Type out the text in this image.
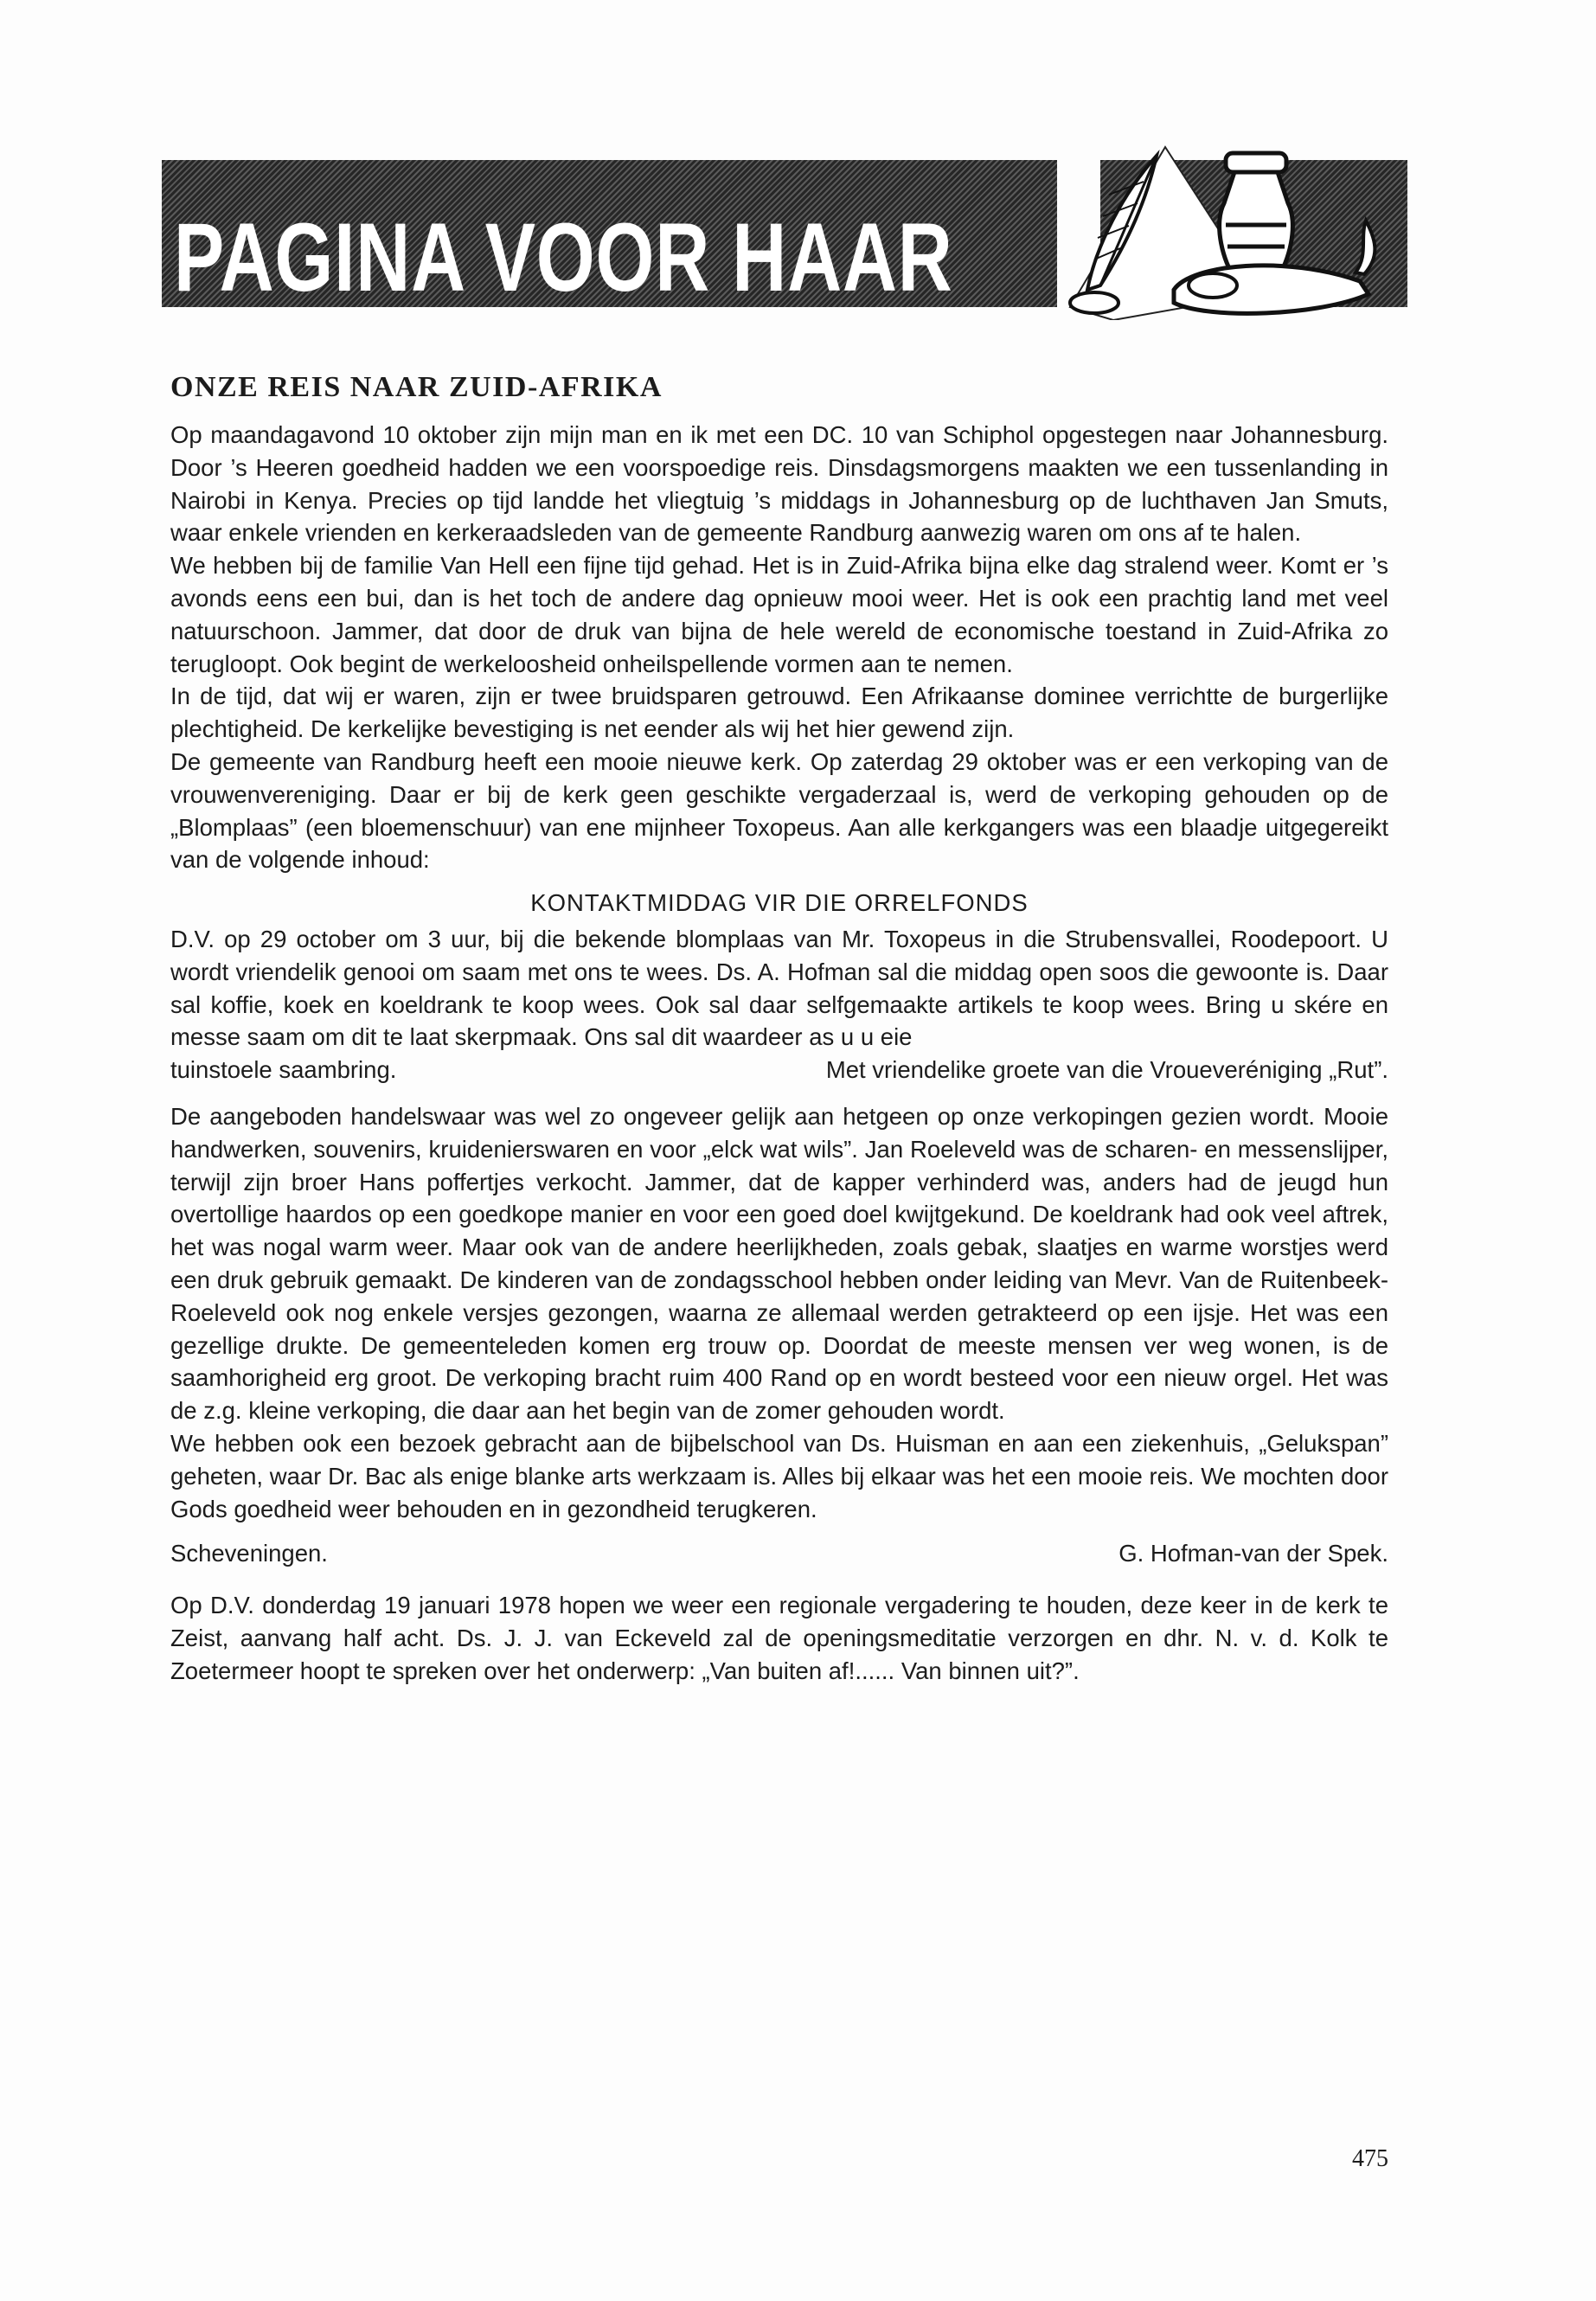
PAGINA VOOR HAAR
ONZE REIS NAAR ZUID-AFRIKA

Op maandagavond 10 oktober zijn mijn man en ik met een DC. 10 van Schiphol opgestegen naar Johannesburg. Door ’s Heeren goedheid hadden we een voorspoedige reis. Dinsdagsmorgens maakten we een tussenlanding in Nairobi in Kenya. Precies op tijd landde het vliegtuig ’s middags in Johannesburg op de luchthaven Jan Smuts, waar enkele vrienden en kerkeraadsleden van de gemeente Randburg aanwezig waren om ons af te halen.

We hebben bij de familie Van Hell een fijne tijd gehad. Het is in Zuid-Afrika bijna elke dag stralend weer. Komt er ’s avonds eens een bui, dan is het toch de andere dag opnieuw mooi weer. Het is ook een prachtig land met veel natuurschoon. Jammer, dat door de druk van bijna de hele wereld de economische toestand in Zuid-Afrika zo terugloopt. Ook begint de werkeloosheid onheilspellende vormen aan te nemen.

In de tijd, dat wij er waren, zijn er twee bruidsparen getrouwd. Een Afrikaanse dominee verrichtte de burgerlijke plechtigheid. De kerkelijke bevestiging is net eender als wij het hier gewend zijn.

De gemeente van Randburg heeft een mooie nieuwe kerk. Op zaterdag 29 oktober was er een verkoping van de vrouwenvereniging. Daar er bij de kerk geen geschikte vergaderzaal is, werd de verkoping gehouden op de „Blomplaas” (een bloemenschuur) van ene mijnheer Toxopeus. Aan alle kerkgangers was een blaadje uitgegereikt van de volgende inhoud:

KONTAKTMIDDAG VIR DIE ORRELFONDS

D.V. op 29 october om 3 uur, bij die bekende blomplaas van Mr. Toxopeus in die Strubensvallei, Roodepoort. U wordt vriendelik genooi om saam met ons te wees. Ds. A. Hofman sal die middag open soos die gewoonte is. Daar sal koffie, koek en koeldrank te koop wees. Ook sal daar selfgemaakte artikels te koop wees. Bring u skére en messe saam om dit te laat skerpmaak. Ons sal dit waardeer as u u eie

tuinstoele saambring.	Met vriendelike groete van die Vroueveréniging „Rut”.

De aangeboden handelswaar was wel zo ongeveer gelijk aan hetgeen op onze verkopingen gezien wordt. Mooie handwerken, souvenirs, kruidenierswaren en voor „elck wat wils”. Jan Roeleveld was de scharen- en messenslijper, terwijl zijn broer Hans poffertjes verkocht. Jammer, dat de kapper verhinderd was, anders had de jeugd hun overtollige haardos op een goedkope manier en voor een goed doel kwijtgekund. De koeldrank had ook veel aftrek, het was nogal warm weer. Maar ook van de andere heerlijkheden, zoals gebak, slaatjes en warme worstjes werd een druk gebruik gemaakt. De kinderen van de zondagsschool hebben onder leiding van Mevr. Van de Ruitenbeek-Roeleveld ook nog enkele versjes gezongen, waarna ze allemaal werden getrakteerd op een ijsje. Het was een gezellige drukte. De gemeenteleden komen erg trouw op. Doordat de meeste mensen ver weg wonen, is de saamhorigheid erg groot. De verkoping bracht ruim 400 Rand op en wordt besteed voor een nieuw orgel. Het was de z.g. kleine verkoping, die daar aan het begin van de zomer gehouden wordt.

We hebben ook een bezoek gebracht aan de bijbelschool van Ds. Huisman en aan een ziekenhuis, „Gelukspan” geheten, waar Dr. Bac als enige blanke arts werkzaam is. Alles bij elkaar was het een mooie reis. We mochten door Gods goedheid weer behouden en in gezondheid terugkeren.

Scheveningen.	G. Hofman-van der Spek.

Op D.V. donderdag 19 januari 1978 hopen we weer een regionale vergadering te houden, deze keer in de kerk te Zeist, aanvang half acht. Ds. J. J. van Eckeveld zal de openingsmeditatie verzorgen en dhr. N. v. d. Kolk te Zoetermeer hoopt te spreken over het onderwerp: „Van buiten af!...... Van binnen uit?”.

475
